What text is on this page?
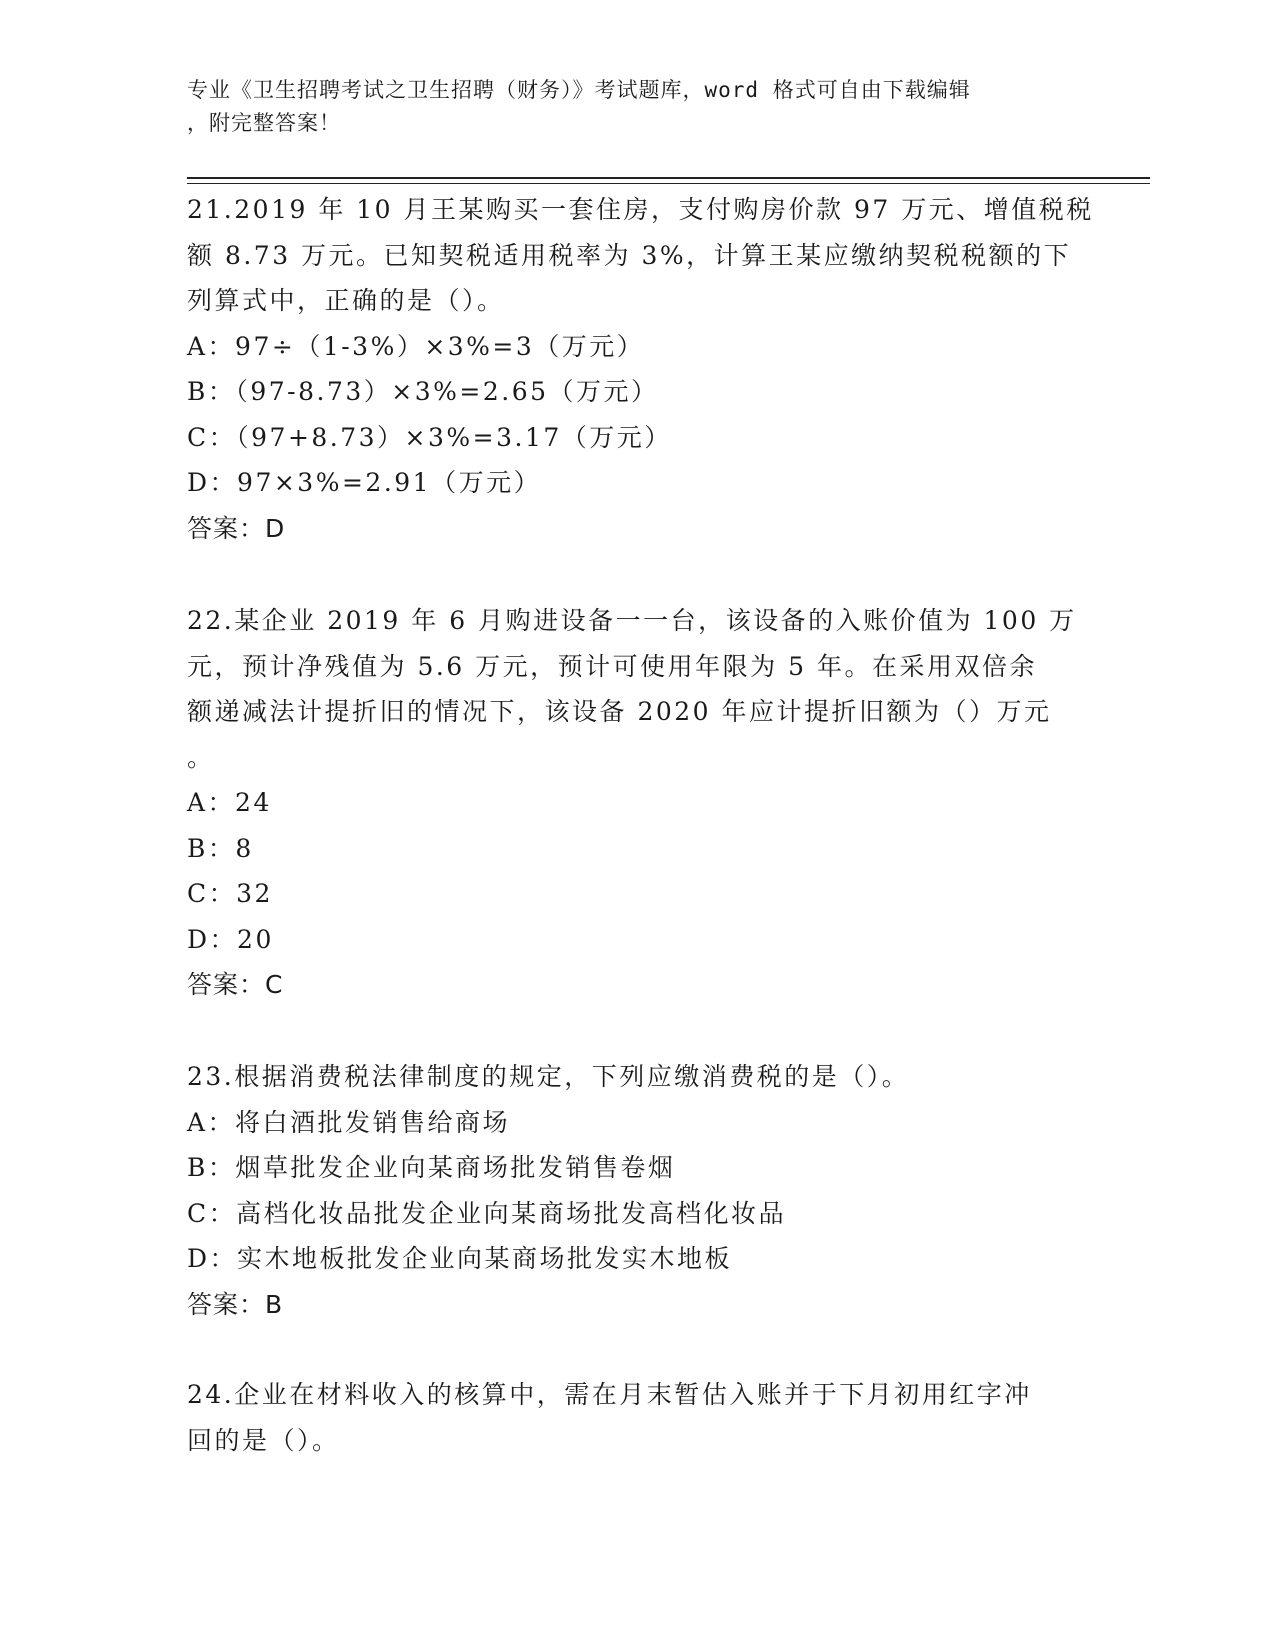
专业《卫生招聘考试之卫生招聘（财务）》考试题库，word 格式可自由下载编辑
，附完整答案！
21.2019 年 10 月王某购买一套住房，支付购房价款 97 万元、增值税税
额 8.73 万元。已知契税适用税率为 3%，计算王某应缴纳契税税额的下
列算式中，正确的是（）。
A：97÷（1-3%）×3%=3（万元）
B：（97-8.73）×3%=2.65（万元）
C：（97+8.73）×3%=3.17（万元）
D：97×3%=2.91（万元）
答案：D
22.某企业 2019 年 6 月购进设备一一台，该设备的入账价值为 100 万
元，预计净残值为 5.6 万元，预计可使用年限为 5 年。在采用双倍余
额递减法计提折旧的情况下，该设备 2020 年应计提折旧额为（）万元
。
A：24
B：8
C：32
D：20
答案：C
23.根据消费税法律制度的规定，下列应缴消费税的是（）。
A：将白酒批发销售给商场
B：烟草批发企业向某商场批发销售卷烟
C：高档化妆品批发企业向某商场批发高档化妆品
D：实木地板批发企业向某商场批发实木地板
答案：B
24.企业在材料收入的核算中，需在月末暂估入账并于下月初用红字冲
回的是（）。
